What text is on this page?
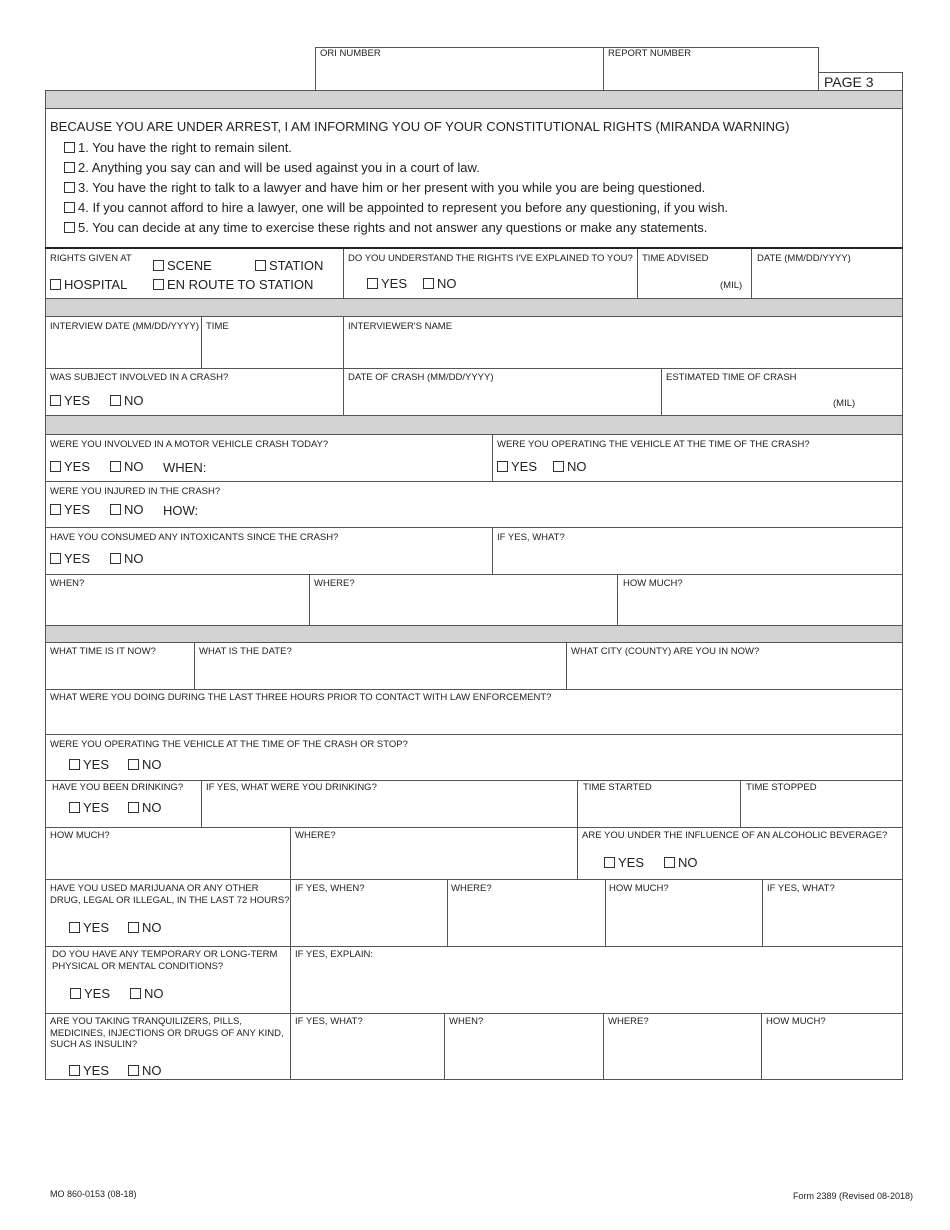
ORI NUMBER	REPORT NUMBER
PAGE 3
BECAUSE YOU ARE UNDER ARREST, I AM INFORMING YOU OF YOUR CONSTITUTIONAL RIGHTS (MIRANDA WARNING)
1. You have the right to remain silent.
2. Anything you say can and will be used against you in a court of law.
3. You have the right to talk to a lawyer and have him or her present with you while you are being questioned.
4. If you cannot afford to hire a lawyer, one will be appointed to represent you before any questioning, if you wish.
5. You can decide at any time to exercise these rights and not answer any questions or make any statements.
RIGHTS GIVEN AT	SCENE	STATION
HOSPITAL	EN ROUTE TO STATION
DO YOU UNDERSTAND THE RIGHTS I'VE EXPLAINED TO YOU?
YES NO
TIME ADVISED
(MIL)
DATE (MM/DD/YYYY)
INTERVIEW DATE (MM/DD/YYYY) TIME	INTERVIEWER'S NAME
WAS SUBJECT INVOLVED IN A CRASH?
YES	NO
DATE OF CRASH (MM/DD/YYYY)	ESTIMATED TIME OF CRASH
(MIL)
WERE YOU INVOLVED IN A MOTOR VEHICLE CRASH TODAY?
YES	NO WHEN:
WERE YOU OPERATING THE VEHICLE AT THE TIME OF THE CRASH?
YES NO
WERE YOU INJURED IN THE CRASH?
YES	NO HOW:
HAVE YOU CONSUMED ANY INTOXICANTS SINCE THE CRASH?
YES	NO
IF YES, WHAT?
WHEN?	WHERE?	HOW MUCH?
WHAT TIME IS IT NOW?	WHAT IS THE DATE?	WHAT CITY (COUNTY) ARE YOU IN NOW?
WHAT WERE YOU DOING DURING THE LAST THREE HOURS PRIOR TO CONTACT WITH LAW ENFORCEMENT?
WERE YOU OPERATING THE VEHICLE AT THE TIME OF THE CRASH OR STOP?
YES	NO
HAVE YOU BEEN DRINKING?
YES	NO
IF YES, WHAT WERE YOU DRINKING?	TIME STARTED	TIME STOPPED
HOW MUCH?	WHERE?	ARE YOU UNDER THE INFLUENCE OF AN ALCOHOLIC BEVERAGE?
YES	NO
HAVE YOU USED MARIJUANA OR ANY OTHER DRUG, LEGAL OR ILLEGAL, IN THE LAST 72 HOURS?
YES	NO
IF YES, WHEN?	WHERE?	HOW MUCH?	IF YES, WHAT?
DO YOU HAVE ANY TEMPORARY OR LONG-TERM PHYSICAL OR MENTAL CONDITIONS?
YES	NO
IF YES, EXPLAIN:
ARE YOU TAKING TRANQUILIZERS, PILLS, MEDICINES, INJECTIONS OR DRUGS OF ANY KIND, SUCH AS INSULIN?
YES	NO
IF YES, WHAT?	WHEN?	WHERE?	HOW MUCH?
MO 860-0153 (08-18)	Form 2389 (Revised 08-2018)
